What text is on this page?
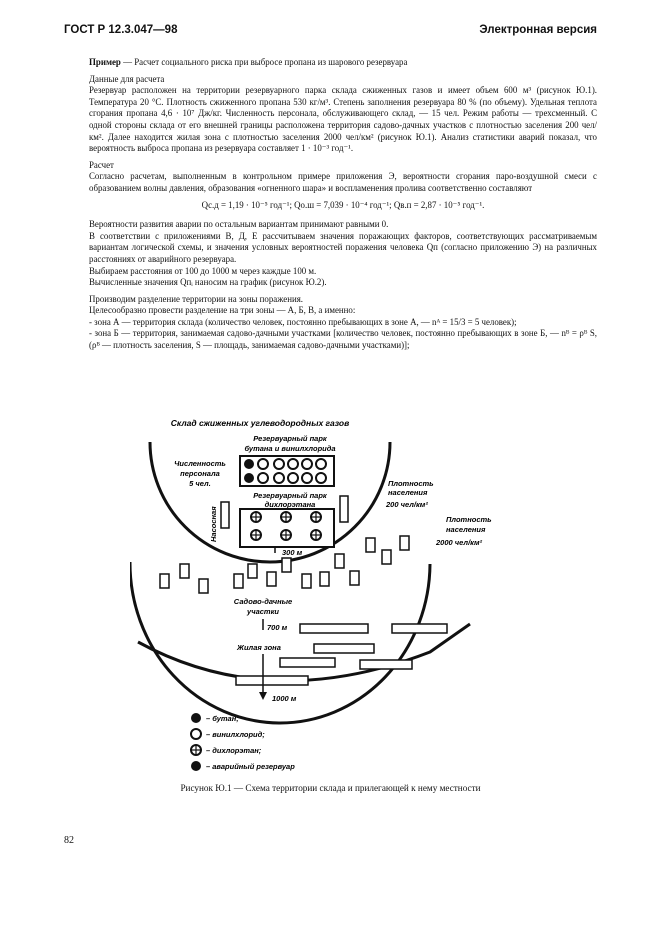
ГОСТ Р 12.3.047—98	Электронная версия

Пример — Расчет социального риска при выбросе пропана из шарового резервуара

Данные для расчета

Резервуар расположен на территории резервуарного парка склада сжиженных газов и имеет объем 600 м³ (рисунок Ю.1). Температура 20 °С. Плотность сжиженного пропана 530 кг/м³. Степень заполнения резервуара 80 % (по объему). Удельная теплота сгорания пропана 4,6 · 10⁷ Дж/кг. Численность персонала, обслуживающего склад, — 15 чел. Режим работы — трехсменный. С одной стороны склада от его внешней границы расположена территория садово-дачных участков с плотностью заселения 200 чел/км². Далее находится жилая зона с плотностью заселения 2000 чел/км² (рисунок Ю.1). Анализ статистики аварий показал, что вероятность выброса пропана из резервуара составляет 1 · 10⁻³ год⁻¹.

Расчет

Согласно расчетам, выполненным в контрольном примере приложения Э, вероятности сгорания паро-воздушной смеси с образованием волны давления, образования «огненного шара» и воспламенения пролива соответственно составляют

Qс.д = 1,19 · 10⁻⁵ год⁻¹; Qо.ш = 7,039 · 10⁻⁴ год⁻¹; Qв.п = 2,87 · 10⁻⁵ год⁻¹.

Вероятности развития аварии по остальным вариантам принимают равными 0.

В соответствии с приложениями В, Д, Е рассчитываем значения поражающих факторов, соответствующих рассматриваемым вариантам логической схемы, и значения условных вероятностей поражения человека Qп (согласно приложению Э) на различных расстояниях от аварийного резервуара.

Выбираем расстояния от 100 до 1000 м через каждые 100 м.

Вычисленные значения Qпᵢ наносим на график (рисунок Ю.2).

Производим разделение территории на зоны поражения.

Целесообразно провести разделение на три зоны — А, Б, В, а именно:

- зона А — территория склада (количество человек, постоянно пребывающих в зоне А, — nᴬ = 15/3 = 5 человек);

- зона Б — территория, занимаемая садово-дачными участками [количество человек, постоянно пребывающих в зоне Б, — nᴮ = ρᴮ S, (ρᴮ — плотность заселения, S — площадь, занимаемая садово-дачными участками)];

Склад сжиженных углеводородных газов
Резервуарный парк
бутана и винилхлорида
Резервуарный парк
дихлорэтана
Численность
персонала
5 чел.
Насосная
Плотность
населения
200 чел/км²
Плотность
населения
2000 чел/км²
300 м
Садово-дачные
участки
700 м
Жилая зона
1000 м
– бутан;
– винилхлорид;
– дихлорэтан;
– аварийный резервуар
Рисунок Ю.1 — Схема территории склада и прилегающей к нему местности
82
